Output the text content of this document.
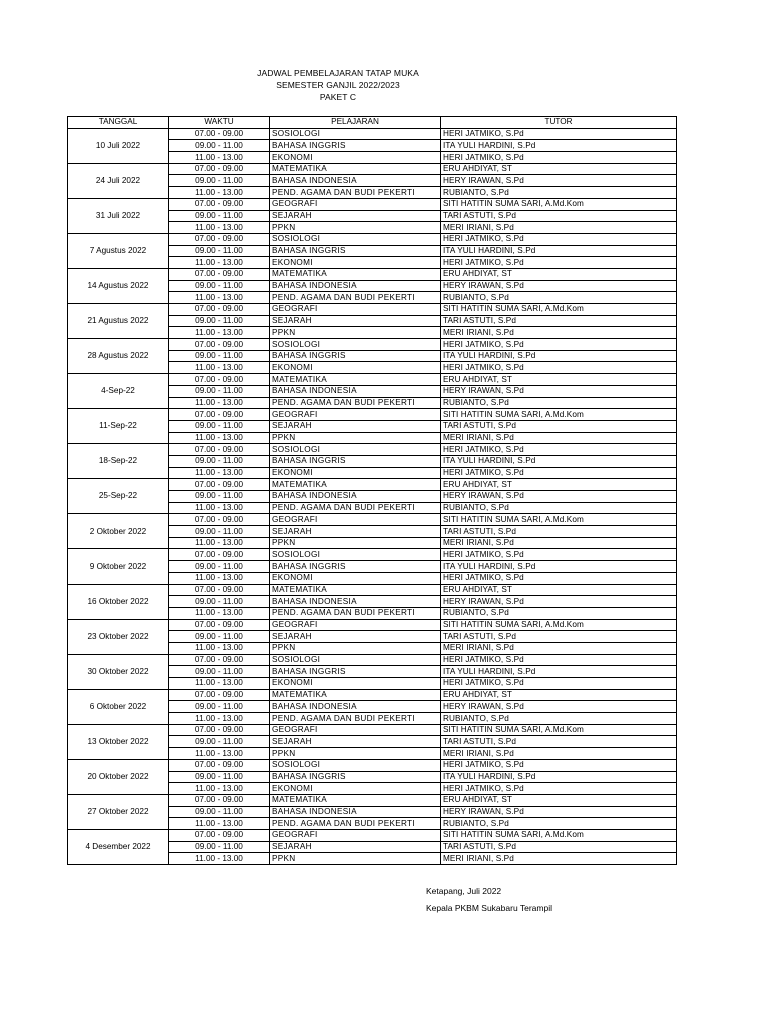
JADWAL PEMBELAJARAN TATAP MUKA
SEMESTER GANJIL 2022/2023
PAKET C
TANGGAL	WAKTU	PELAJARAN	TUTOR
10 Juli 2022	07.00 - 09.00	SOSIOLOGI	HERI JATMIKO, S.Pd
	09.00 - 11.00	BAHASA INGGRIS	ITA YULI HARDINI, S.Pd
	11.00 - 13.00	EKONOMI	HERI JATMIKO, S.Pd
24 Juli 2022	07.00 - 09.00	MATEMATIKA	ERU AHDIYAT, ST
	09.00 - 11.00	BAHASA INDONESIA	HERY IRAWAN, S.Pd
	11.00 - 13.00	PEND. AGAMA DAN BUDI PEKERTI	RUBIANTO, S.Pd
31 Juli 2022	07.00 - 09.00	GEOGRAFI	SITI HATITIN SUMA SARI, A.Md.Kom
	09.00 - 11.00	SEJARAH	TARI ASTUTI, S.Pd
	11.00 - 13.00	PPKN	MERI IRIANI, S.Pd
7 Agustus 2022	07.00 - 09.00	SOSIOLOGI	HERI JATMIKO, S.Pd
	09.00 - 11.00	BAHASA INGGRIS	ITA YULI HARDINI, S.Pd
	11.00 - 13.00	EKONOMI	HERI JATMIKO, S.Pd
14 Agustus 2022	07.00 - 09.00	MATEMATIKA	ERU AHDIYAT, ST
	09.00 - 11.00	BAHASA INDONESIA	HERY IRAWAN, S.Pd
	11.00 - 13.00	PEND. AGAMA DAN BUDI PEKERTI	RUBIANTO, S.Pd
21 Agustus 2022	07.00 - 09.00	GEOGRAFI	SITI HATITIN SUMA SARI, A.Md.Kom
	09.00 - 11.00	SEJARAH	TARI ASTUTI, S.Pd
	11.00 - 13.00	PPKN	MERI IRIANI, S.Pd
28 Agustus 2022	07.00 - 09.00	SOSIOLOGI	HERI JATMIKO, S.Pd
	09.00 - 11.00	BAHASA INGGRIS	ITA YULI HARDINI, S.Pd
	11.00 - 13.00	EKONOMI	HERI JATMIKO, S.Pd
4-Sep-22	07.00 - 09.00	MATEMATIKA	ERU AHDIYAT, ST
	09.00 - 11.00	BAHASA INDONESIA	HERY IRAWAN, S.Pd
	11.00 - 13.00	PEND. AGAMA DAN BUDI PEKERTI	RUBIANTO, S.Pd
11-Sep-22	07.00 - 09.00	GEOGRAFI	SITI HATITIN SUMA SARI, A.Md.Kom
	09.00 - 11.00	SEJARAH	TARI ASTUTI, S.Pd
	11.00 - 13.00	PPKN	MERI IRIANI, S.Pd
18-Sep-22	07.00 - 09.00	SOSIOLOGI	HERI JATMIKO, S.Pd
	09.00 - 11.00	BAHASA INGGRIS	ITA YULI HARDINI, S.Pd
	11.00 - 13.00	EKONOMI	HERI JATMIKO, S.Pd
25-Sep-22	07.00 - 09.00	MATEMATIKA	ERU AHDIYAT, ST
	09.00 - 11.00	BAHASA INDONESIA	HERY IRAWAN, S.Pd
	11.00 - 13.00	PEND. AGAMA DAN BUDI PEKERTI	RUBIANTO, S.Pd
2 Oktober 2022	07.00 - 09.00	GEOGRAFI	SITI HATITIN SUMA SARI, A.Md.Kom
	09.00 - 11.00	SEJARAH	TARI ASTUTI, S.Pd
	11.00 - 13.00	PPKN	MERI IRIANI, S.Pd
9 Oktober 2022	07.00 - 09.00	SOSIOLOGI	HERI JATMIKO, S.Pd
	09.00 - 11.00	BAHASA INGGRIS	ITA YULI HARDINI, S.Pd
	11.00 - 13.00	EKONOMI	HERI JATMIKO, S.Pd
16 Oktober 2022	07.00 - 09.00	MATEMATIKA	ERU AHDIYAT, ST
	09.00 - 11.00	BAHASA INDONESIA	HERY IRAWAN, S.Pd
	11.00 - 13.00	PEND. AGAMA DAN BUDI PEKERTI	RUBIANTO, S.Pd
23 Oktober 2022	07.00 - 09.00	GEOGRAFI	SITI HATITIN SUMA SARI, A.Md.Kom
	09.00 - 11.00	SEJARAH	TARI ASTUTI, S.Pd
	11.00 - 13.00	PPKN	MERI IRIANI, S.Pd
30 Oktober 2022	07.00 - 09.00	SOSIOLOGI	HERI JATMIKO, S.Pd
	09.00 - 11.00	BAHASA INGGRIS	ITA YULI HARDINI, S.Pd
	11.00 - 13.00	EKONOMI	HERI JATMIKO, S.Pd
6 Oktober 2022	07.00 - 09.00	MATEMATIKA	ERU AHDIYAT, ST
	09.00 - 11.00	BAHASA INDONESIA	HERY IRAWAN, S.Pd
	11.00 - 13.00	PEND. AGAMA DAN BUDI PEKERTI	RUBIANTO, S.Pd
13 Oktober 2022	07.00 - 09.00	GEOGRAFI	SITI HATITIN SUMA SARI, A.Md.Kom
	09.00 - 11.00	SEJARAH	TARI ASTUTI, S.Pd
	11.00 - 13.00	PPKN	MERI IRIANI, S.Pd
20 Oktober 2022	07.00 - 09.00	SOSIOLOGI	HERI JATMIKO, S.Pd
	09.00 - 11.00	BAHASA INGGRIS	ITA YULI HARDINI, S.Pd
	11.00 - 13.00	EKONOMI	HERI JATMIKO, S.Pd
27 Oktober 2022	07.00 - 09.00	MATEMATIKA	ERU AHDIYAT, ST
	09.00 - 11.00	BAHASA INDONESIA	HERY IRAWAN, S.Pd
	11.00 - 13.00	PEND. AGAMA DAN BUDI PEKERTI	RUBIANTO, S.Pd
4 Desember 2022	07.00 - 09.00	GEOGRAFI	SITI HATITIN SUMA SARI, A.Md.Kom
	09.00 - 11.00	SEJARAH	TARI ASTUTI, S.Pd
	11.00 - 13.00	PPKN	MERI IRIANI, S.Pd
Ketapang, Juli 2022
Kepala PKBM Sukabaru Terampil
